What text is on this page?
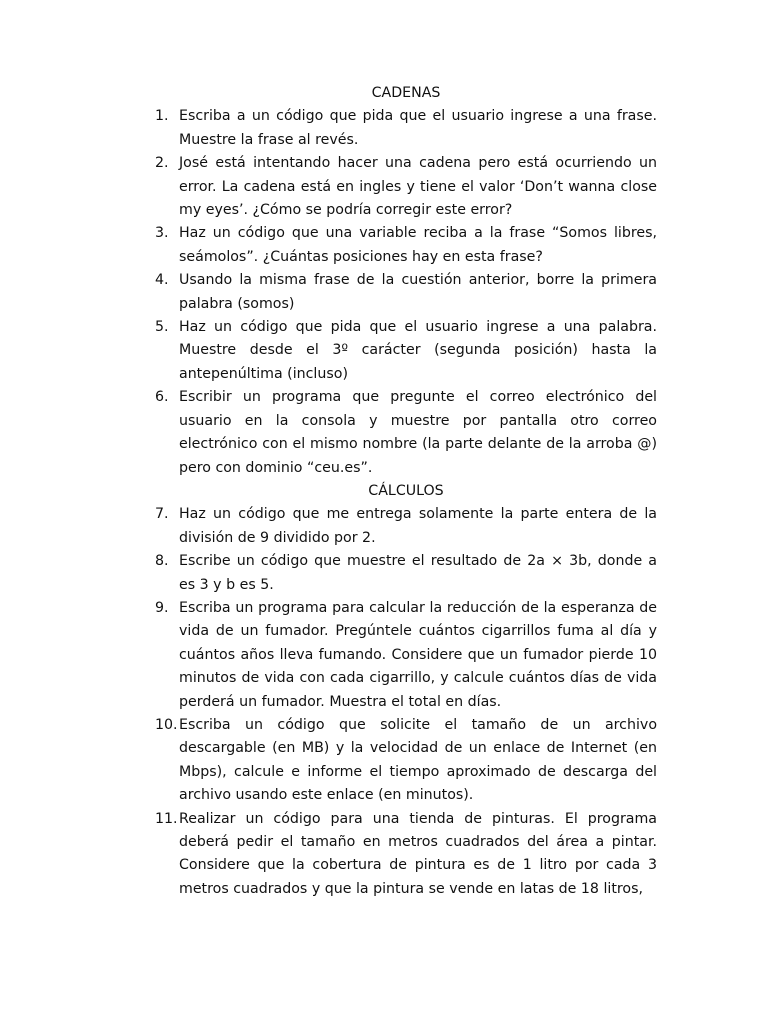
CADENAS

1. Escriba a un código que pida que el usuario ingrese a una frase. Muestre la frase al revés.
2. José está intentando hacer una cadena pero está ocurriendo un error. La cadena está en ingles y tiene el valor ‘Don’t wanna close my eyes’. ¿Cómo se podría corregir este error?
3. Haz un código que una variable reciba a la frase “Somos libres, seámolos”. ¿Cuántas posiciones hay en esta frase?
4. Usando la misma frase de la cuestión anterior, borre la primera palabra (somos)
5. Haz un código que pida que el usuario ingrese a una palabra. Muestre desde el 3º carácter (segunda posición) hasta la antepenúltima (incluso)
6. Escribir un programa que pregunte el correo electrónico del usuario en la consola y muestre por pantalla otro correo electrónico con el mismo nombre (la parte delante de la arroba @) pero con dominio “ceu.es”.

CÁLCULOS

7. Haz un código que me entrega solamente la parte entera de la división de 9 dividido por 2.
8. Escribe un código que muestre el resultado de 2a × 3b, donde a es 3 y b es 5.
9. Escriba un programa para calcular la reducción de la esperanza de vida de un fumador. Pregúntele cuántos cigarrillos fuma al día y cuántos años lleva fumando. Considere que un fumador pierde 10 minutos de vida con cada cigarrillo, y calcule cuántos días de vida perderá un fumador. Muestra el total en días.
10. Escriba un código que solicite el tamaño de un archivo descargable (en MB) y la velocidad de un enlace de Internet (en Mbps), calcule e informe el tiempo aproximado de descarga del archivo usando este enlace (en minutos).
11. Realizar un código para una tienda de pinturas. El programa deberá pedir el tamaño en metros cuadrados del área a pintar. Considere que la cobertura de pintura es de 1 litro por cada 3 metros cuadrados y que la pintura se vende en latas de 18 litros,
